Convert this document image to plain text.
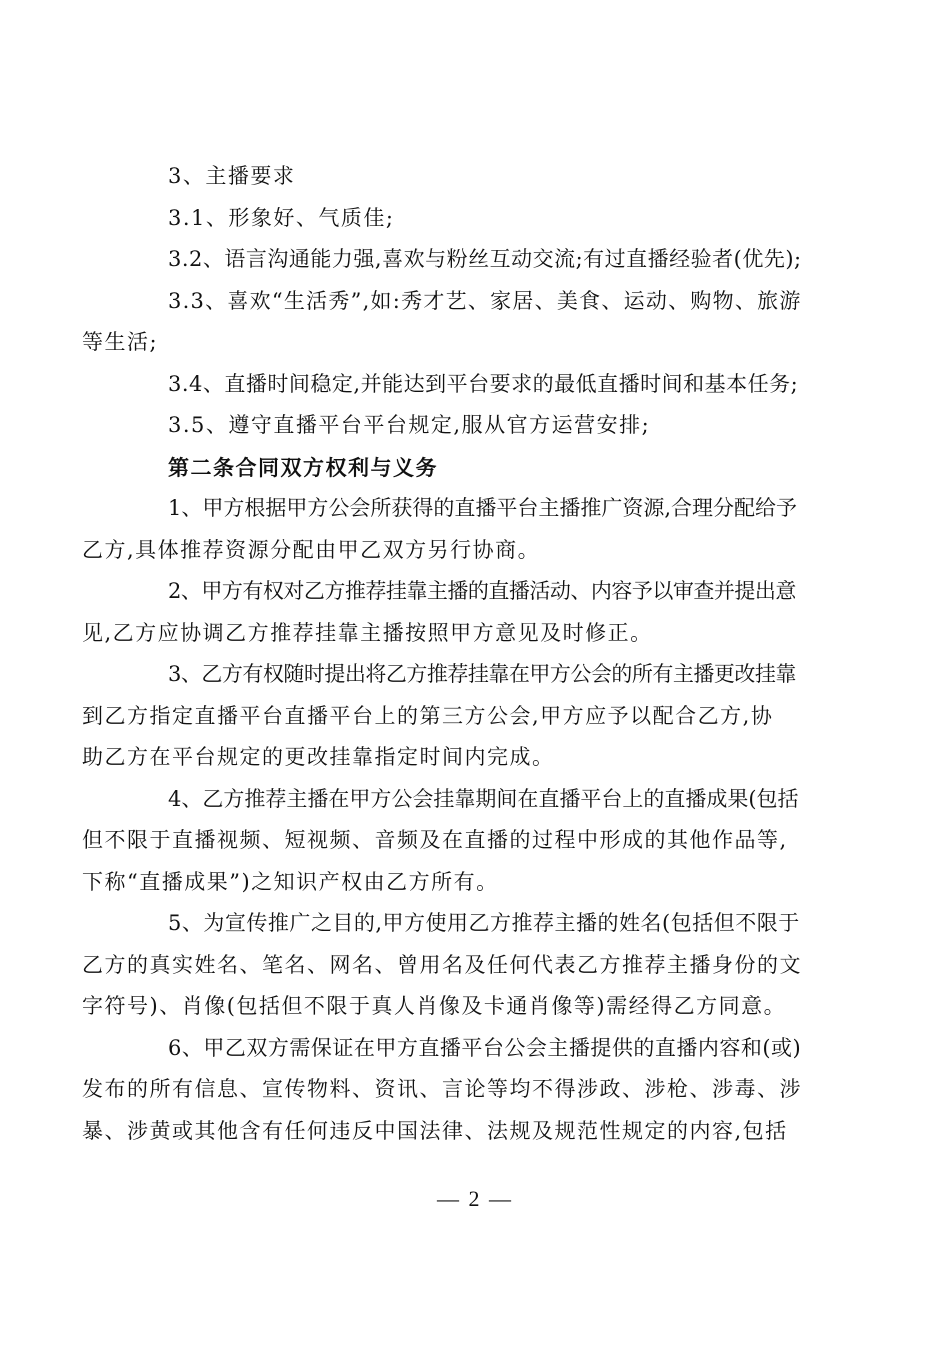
3、主播要求

3.1、形象好、气质佳;

3.2、语言沟通能力强,喜欢与粉丝互动交流;有过直播经验者(优先);

3.3、喜欢“生活秀”,如:秀才艺、家居、美食、运动、购物、旅游
等生活;

3.4、直播时间稳定,并能达到平台要求的最低直播时间和基本任务;

3.5、遵守直播平台平台规定,服从官方运营安排;

第二条合同双方权利与义务

1、甲方根据甲方公会所获得的直播平台主播推广资源,合理分配给予
乙方,具体推荐资源分配由甲乙双方另行协商。

2、甲方有权对乙方推荐挂靠主播的直播活动、内容予以审查并提出意
见,乙方应协调乙方推荐挂靠主播按照甲方意见及时修正。

3、乙方有权随时提出将乙方推荐挂靠在甲方公会的所有主播更改挂靠
到乙方指定直播平台直播平台上的第三方公会,甲方应予以配合乙方,协
助乙方在平台规定的更改挂靠指定时间内完成。

4、乙方推荐主播在甲方公会挂靠期间在直播平台上的直播成果(包括
但不限于直播视频、短视频、音频及在直播的过程中形成的其他作品等,
下称“直播成果”)之知识产权由乙方所有。

5、为宣传推广之目的,甲方使用乙方推荐主播的姓名(包括但不限于
乙方的真实姓名、笔名、网名、曾用名及任何代表乙方推荐主播身份的文
字符号)、肖像(包括但不限于真人肖像及卡通肖像等)需经得乙方同意。

6、甲乙双方需保证在甲方直播平台公会主播提供的直播内容和(或)
发布的所有信息、宣传物料、资讯、言论等均不得涉政、涉枪、涉毒、涉
暴、涉黄或其他含有任何违反中国法律、法规及规范性规定的内容,包括

— 2 —
